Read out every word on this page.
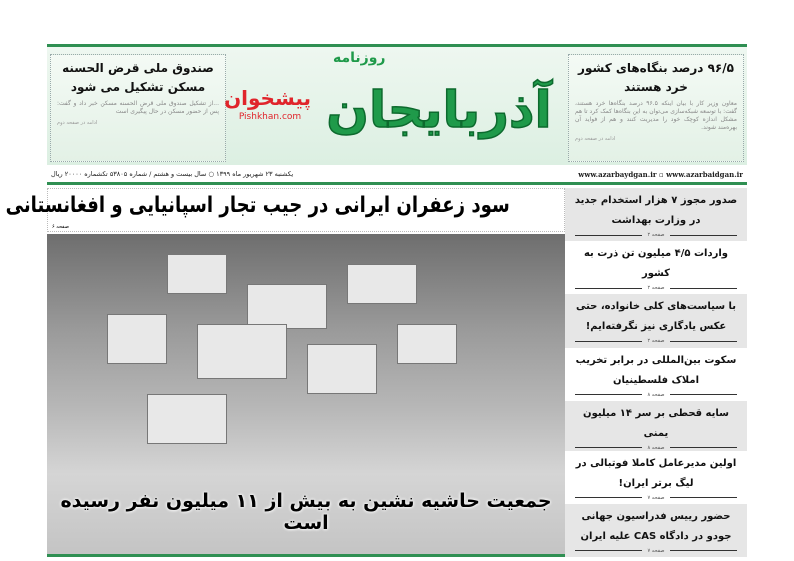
صندوق ملی قرض الحسنه مسکن تشکیل می شود

...از تشکیل صندوق ملی قرض الحسنه مسکن خبر داد و گفت: پس از حضور مسکن در حال پیگیری است

ادامه در صفحه دوم
پیشخوان
Pishkhan.com
روزنامه
آذربایجان
۹۶/۵ درصد بنگاه‌های کشور خرد هستند

معاون وزیر کار با بیان اینکه ۹۶.۵ درصد بنگاه‌ها خرد هستند، گفت: با توسعه شبکه‌سازی می‌توان به این بنگاه‌ها کمک کرد تا هم مشکل اندازه کوچک خود را مدیریت کنند و هم از فواید آن بهره‌مند شوند.

ادامه در صفحه دوم
www.azarbaydgan.ir ▫ www.azarbaidgan.ir
یکشنبه ۲۳ شهریور ماه ۱۳۹۹ ○ سال بیست و هشتم / شماره ۵۳۸۰۵ تکشماره ۲۰۰۰۰ ریال
سود زعفران ایرانی در جیب تجار اسپانیایی و افغانستانی
صفحه ۶
جمعیت حاشیه نشین به بیش از ۱۱ میلیون نفر رسیده است
صدور مجوز ۷ هزار استخدام جدید در وزارت بهداشت
صفحه ۲
واردات ۴/۵ میلیون تن ذرت به کشور
صفحه ۲
با سیاست‌های کلی خانواده، حتی عکس یادگاری نیز نگرفته‌ایم!
صفحه ۲
سکوت بین‌المللی در برابر تخریب املاک فلسطینیان
صفحه ۸
سایه قحطی بر سر ۱۴ میلیون یمنی
صفحه ۸
اولین مدیرعامل کاملا فوتبالی در لیگ برتر ایران!
صفحه ۷
حضور رییس فدراسیون جهانی جودو در دادگاه CAS علیه ایران
صفحه ۷
